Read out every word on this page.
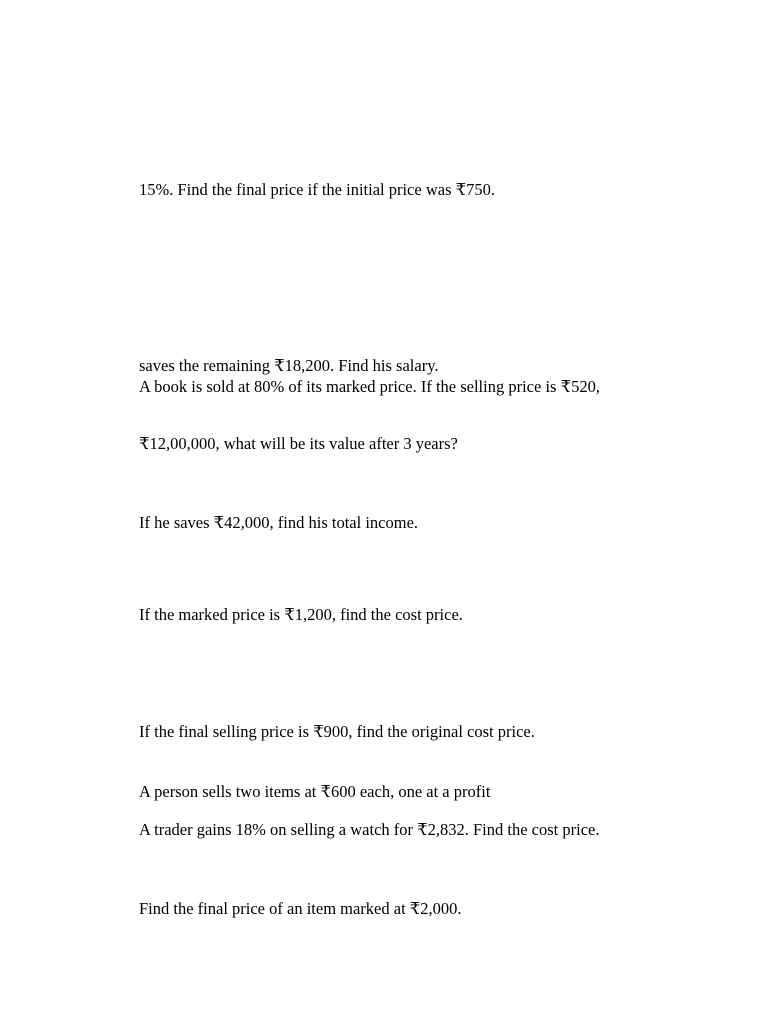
15%. Find the final price if the initial price was ₹750.

saves the remaining ₹18,200. Find his salary.

A book is sold at 80% of its marked price. If the selling price is ₹520,

₹12,00,000, what will be its value after 3 years?

If he saves ₹42,000, find his total income.

If the marked price is ₹1,200, find the cost price.

If the final selling price is ₹900, find the original cost price.

A person sells two items at ₹600 each, one at a profit

A trader gains 18% on selling a watch for ₹2,832. Find the cost price.

Find the final price of an item marked at ₹2,000.
